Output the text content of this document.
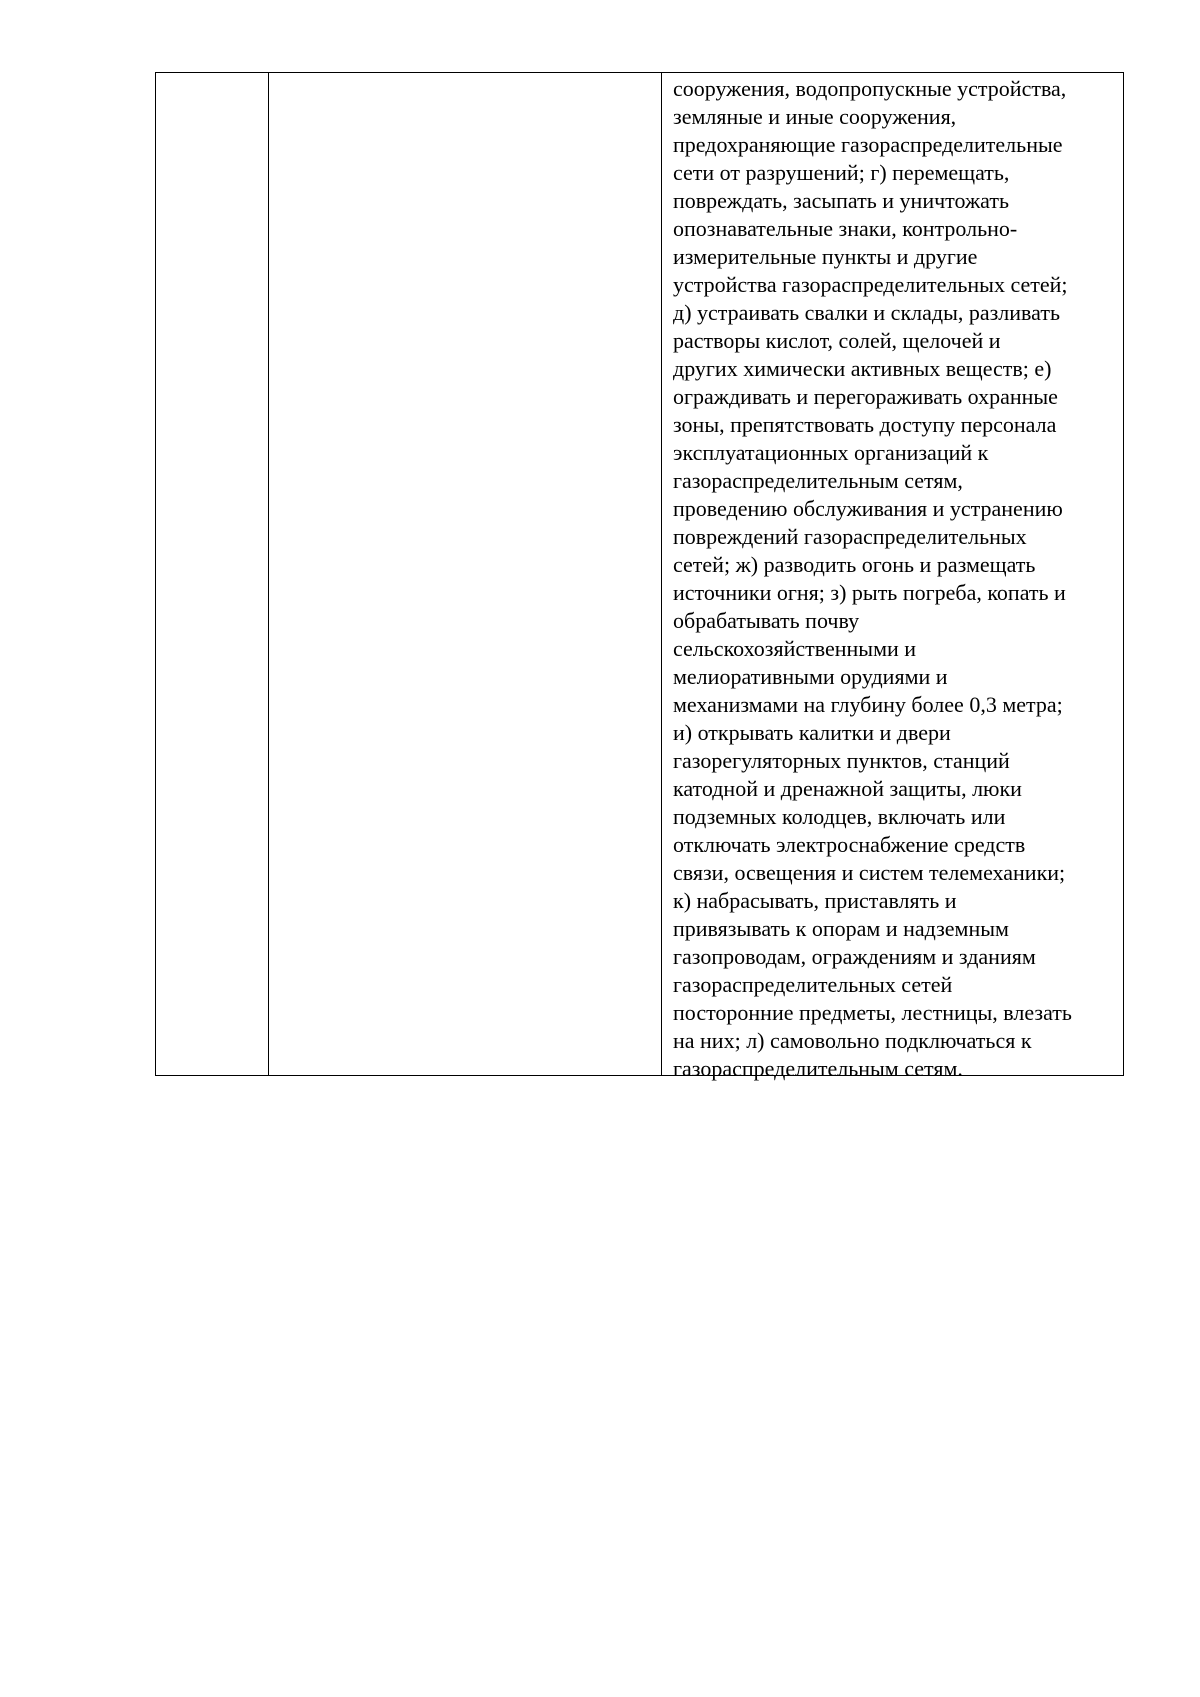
сооружения, водопропускные устройства,
земляные и иные сооружения,
предохраняющие газораспределительные
сети от разрушений; г) перемещать,
повреждать, засыпать и уничтожать
опознавательные знаки, контрольно-
измерительные пункты и другие
устройства газораспределительных сетей;
д) устраивать свалки и склады, разливать
растворы кислот, солей, щелочей и
других химически активных веществ; е)
ограждивать и перегораживать охранные
зоны, препятствовать доступу персонала
эксплуатационных организаций к
газораспределительным сетям,
проведению обслуживания и устранению
повреждений газораспределительных
сетей; ж) разводить огонь и размещать
источники огня; з) рыть погреба, копать и
обрабатывать почву
сельскохозяйственными и
мелиоративными орудиями и
механизмами на глубину более 0,3 метра;
и) открывать калитки и двери
газорегуляторных пунктов, станций
катодной и дренажной защиты, люки
подземных колодцев, включать или
отключать электроснабжение средств
связи, освещения и систем телемеханики;
к) набрасывать, приставлять и
привязывать к опорам и надземным
газопроводам, ограждениям и зданиям
газораспределительных сетей
посторонние предметы, лестницы, влезать
на них; л) самовольно подключаться к
газораспределительным сетям.
